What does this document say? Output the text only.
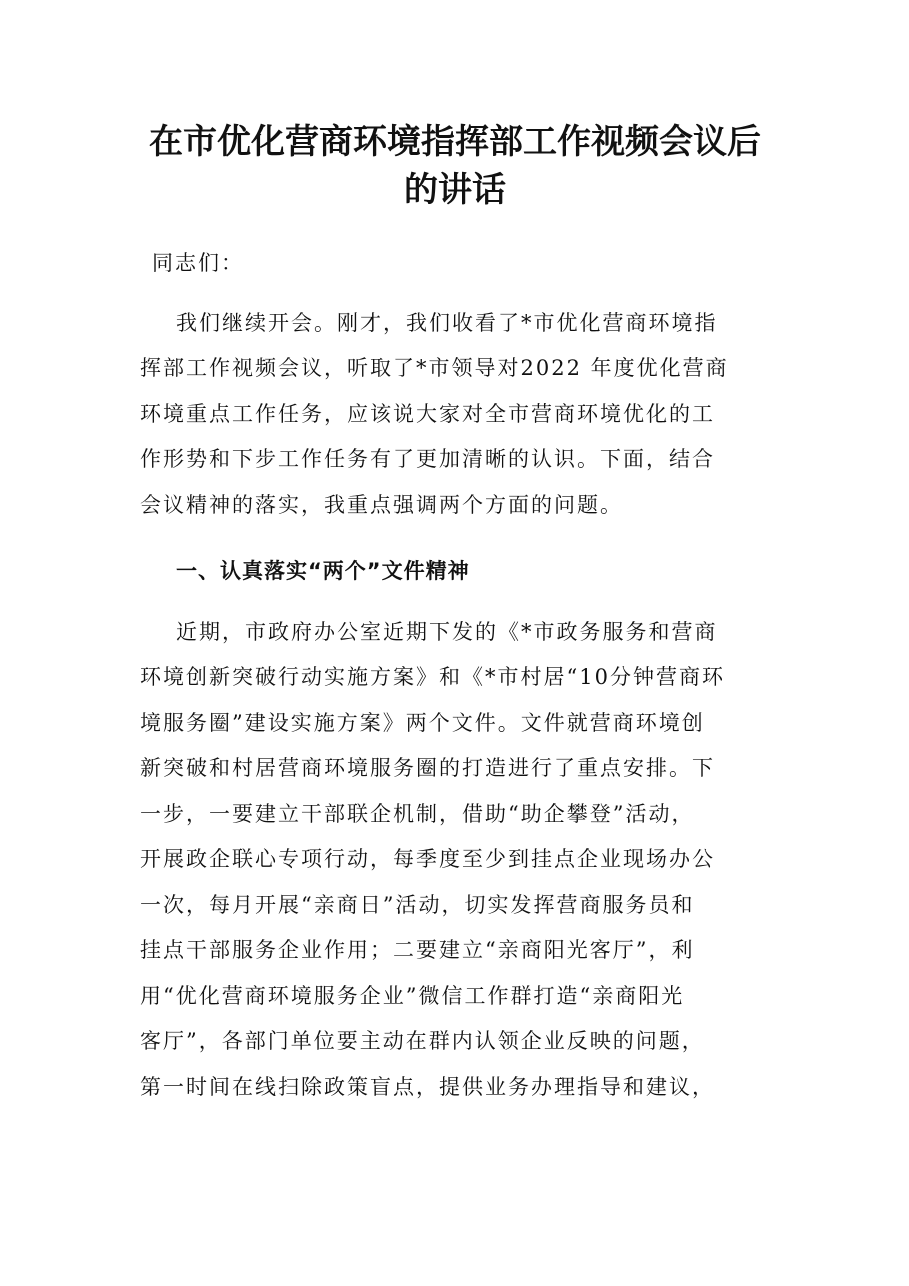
在市优化营商环境指挥部工作视频会议后
的讲话
同志们：
我们继续开会。刚才，我们收看了*市优化营商环境指
挥部工作视频会议，听取了*市领导对2022 年度优化营商
环境重点工作任务，应该说大家对全市营商环境优化的工
作形势和下步工作任务有了更加清晰的认识。下面，结合
会议精神的落实，我重点强调两个方面的问题。
一、认真落实“两个”文件精神
近期，市政府办公室近期下发的《*市政务服务和营商
环境创新突破行动实施方案》和《*市村居“10分钟营商环
境服务圈”建设实施方案》两个文件。文件就营商环境创
新突破和村居营商环境服务圈的打造进行了重点安排。下
一步，一要建立干部联企机制，借助“助企攀登”活动，
开展政企联心专项行动，每季度至少到挂点企业现场办公
一次，每月开展“亲商日”活动，切实发挥营商服务员和
挂点干部服务企业作用；二要建立“亲商阳光客厅”，利
用“优化营商环境服务企业”微信工作群打造“亲商阳光
客厅”，各部门单位要主动在群内认领企业反映的问题，
第一时间在线扫除政策盲点，提供业务办理指导和建议，
